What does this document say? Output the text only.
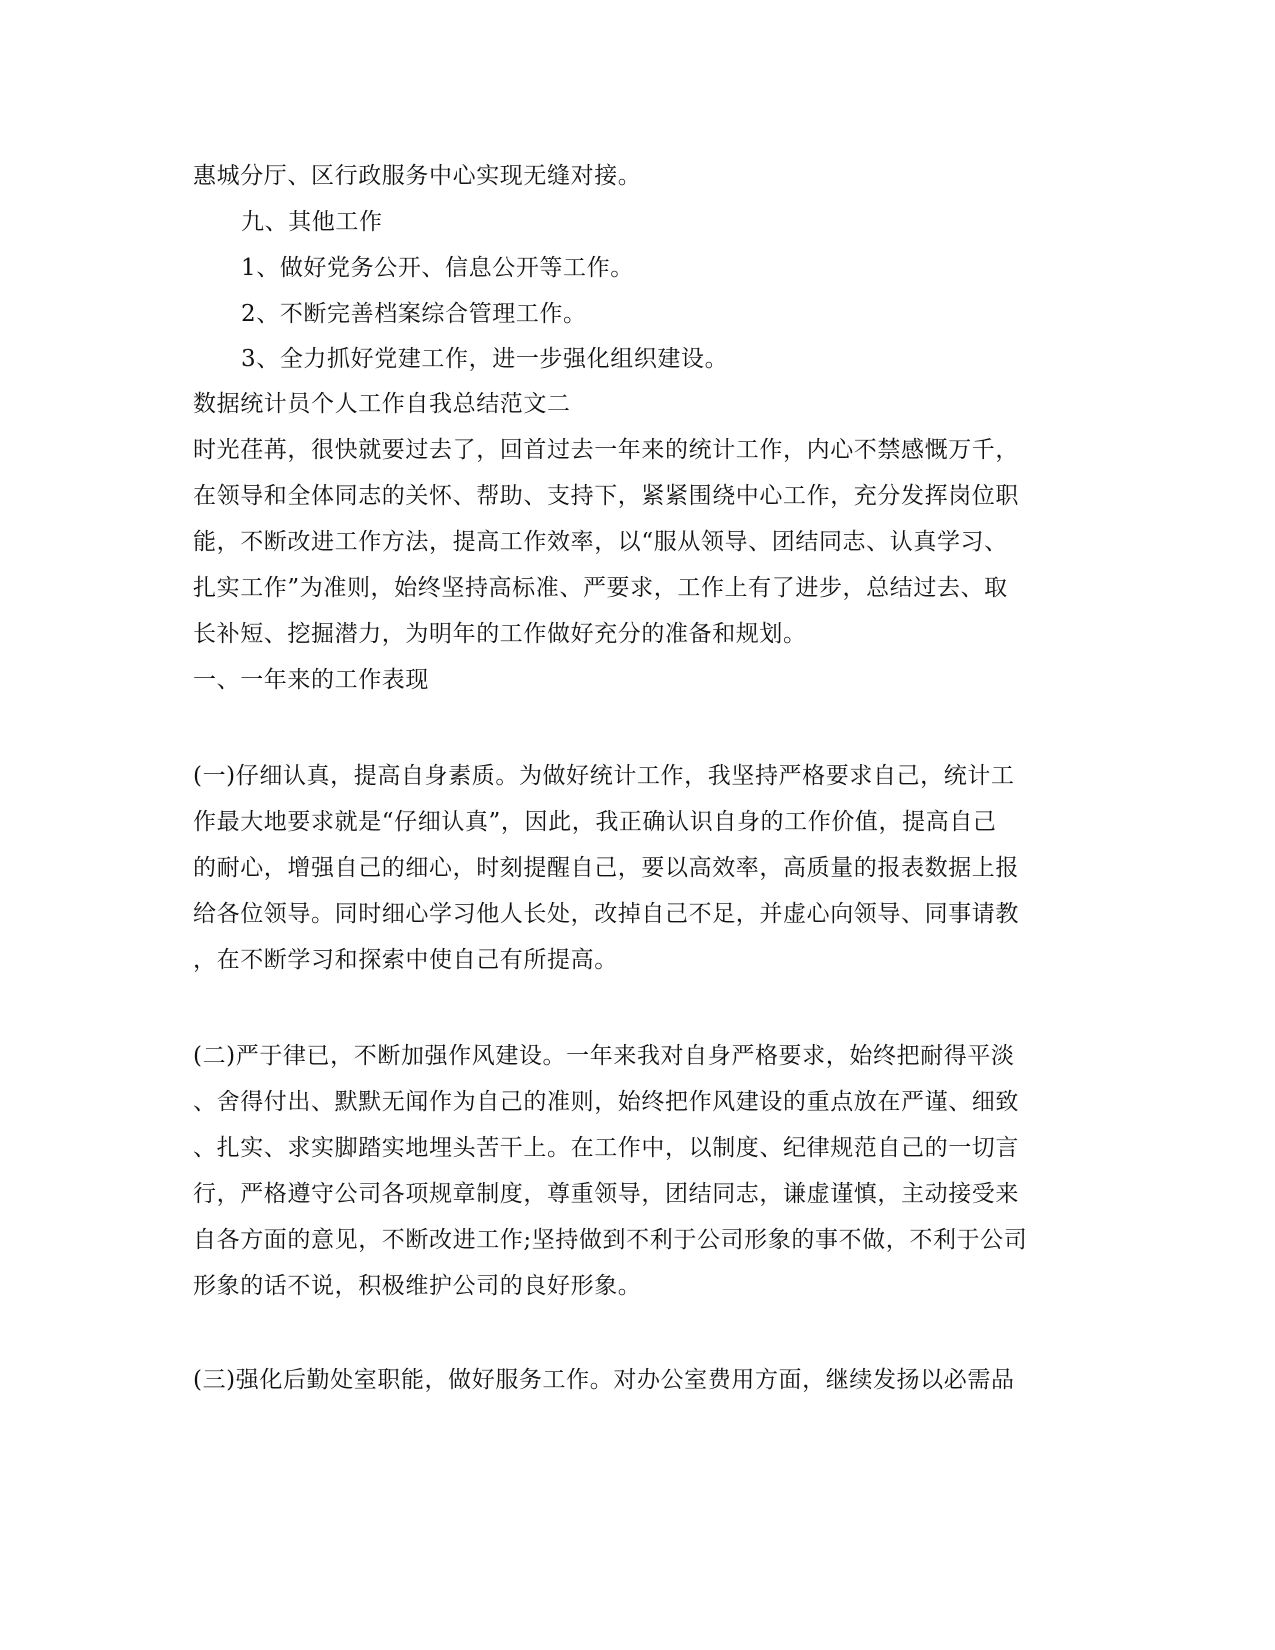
惠城分厅、区行政服务中心实现无缝对接。
九、其他工作
1、做好党务公开、信息公开等工作。
2、不断完善档案综合管理工作。
3、全力抓好党建工作，进一步强化组织建设。
数据统计员个人工作自我总结范文二
时光荏苒，很快就要过去了，回首过去一年来的统计工作，内心不禁感慨万千，
在领导和全体同志的关怀、帮助、支持下，紧紧围绕中心工作，充分发挥岗位职
能，不断改进工作方法，提高工作效率，以“服从领导、团结同志、认真学习、
扎实工作”为准则，始终坚持高标准、严要求，工作上有了进步，总结过去、取
长补短、挖掘潜力，为明年的工作做好充分的准备和规划。
一、一年来的工作表现
(一)仔细认真，提高自身素质。为做好统计工作，我坚持严格要求自己，统计工
作最大地要求就是“仔细认真”，因此，我正确认识自身的工作价值，提高自己
的耐心，增强自己的细心，时刻提醒自己，要以高效率，高质量的报表数据上报
给各位领导。同时细心学习他人长处，改掉自己不足，并虚心向领导、同事请教
，在不断学习和探索中使自己有所提高。
(二)严于律已，不断加强作风建设。一年来我对自身严格要求，始终把耐得平淡
、舍得付出、默默无闻作为自己的准则，始终把作风建设的重点放在严谨、细致
、扎实、求实脚踏实地埋头苦干上。在工作中，以制度、纪律规范自己的一切言
行，严格遵守公司各项规章制度，尊重领导，团结同志，谦虚谨慎，主动接受来
自各方面的意见，不断改进工作;坚持做到不利于公司形象的事不做，不利于公司
形象的话不说，积极维护公司的良好形象。
(三)强化后勤处室职能，做好服务工作。对办公室费用方面，继续发扬以必需品
